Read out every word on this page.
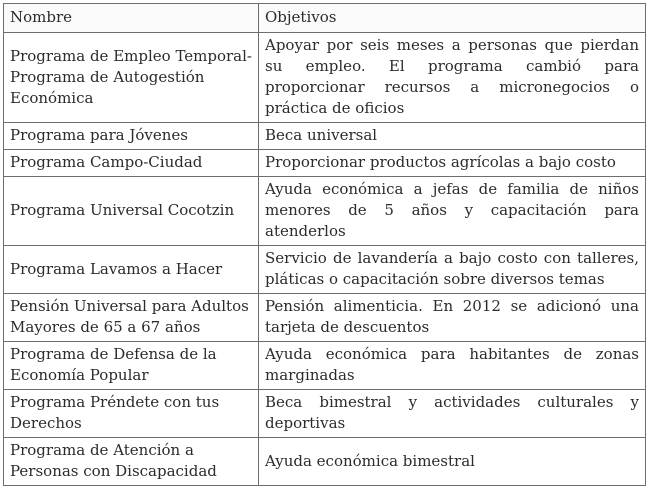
Nombre	Objetivos
Programa de Empleo Temporal- Programa de Autogestión Económica	Apoyar por seis meses a personas que pierdan su empleo. El programa cambió para proporcionar recursos a micronegocios o práctica de oficios
Programa para Jóvenes	Beca universal
Programa Campo-Ciudad	Proporcionar productos agrícolas a bajo costo
Programa Universal Cocotzin	Ayuda económica a jefas de familia de niños menores de 5 años y capacitación para atenderlos
Programa Lavamos a Hacer	Servicio de lavandería a bajo costo con talleres, pláticas o capacitación sobre diversos temas
Pensión Universal para Adultos Mayores de 65 a 67 años	Pensión alimenticia. En 2012 se adicionó una tarjeta de descuentos
Programa de Defensa de la Economía Popular	Ayuda económica para habitantes de zonas marginadas
Programa Préndete con tus Derechos	Beca bimestral y actividades culturales y deportivas
Programa de Atención a Personas con Discapacidad	Ayuda económica bimestral
